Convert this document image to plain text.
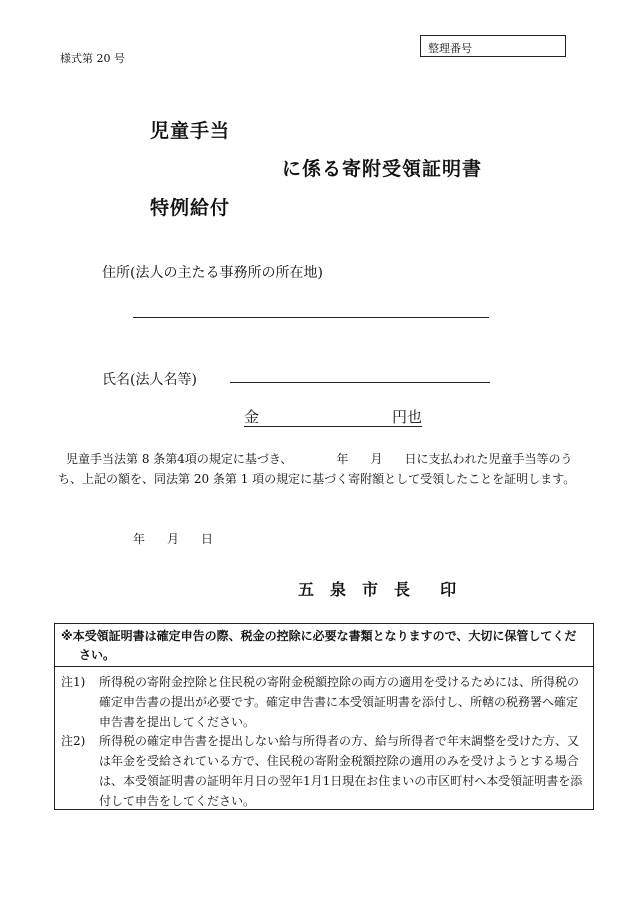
様式第 20 号
整理番号
児童手当
に係る寄附受領証明書
特例給付
住所(法人の主たる事務所の所在地)
氏名(法人名等)
金	円也
児童手当法第 8 条第4項の規定に基づき、	年 月 日に支払われた児童手当等のうち、上記の額を、同法第 20 条第 1 項の規定に基づく寄附額として受領したことを証明します。
年 月 日
五 泉 市 長 印
※本受領証明書は確定申告の際、税金の控除に必要な書類となりますので、大切に保管してください。
注1) 所得税の寄附金控除と住民税の寄附金税額控除の両方の適用を受けるためには、所得税の確定申告書の提出が必要です。確定申告書に本受領証明書を添付し、所轄の税務署へ確定申告書を提出してください。
注2) 所得税の確定申告書を提出しない給与所得者の方、給与所得者で年末調整を受けた方、又は年金を受給されている方で、住民税の寄附金税額控除の適用のみを受けようとする場合は、本受領証明書の証明年月日の翌年1月1日現在お住まいの市区町村へ本受領証明書を添付して申告をしてください。
